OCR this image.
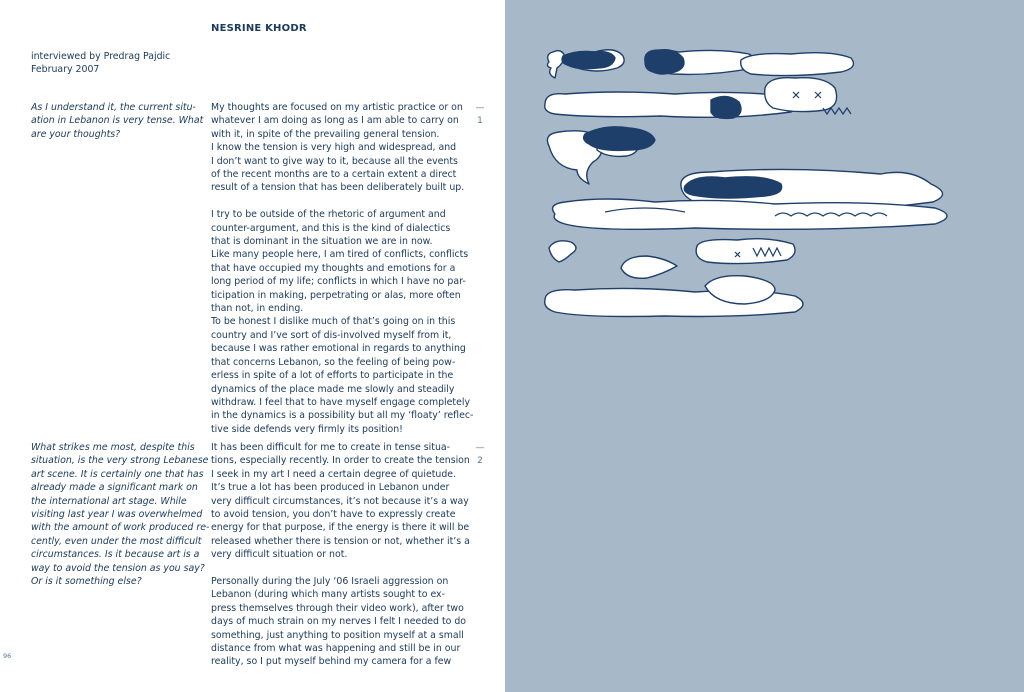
NESRINE KHODR
interviewed by Predrag Pajdic
February 2007
As I understand it, the current situ-
ation in Lebanon is very tense. What
are your thoughts?
My thoughts are focused on my artistic practice or on
whatever I am doing as long as I am able to carry on
with it, in spite of the prevailing general tension.
I know the tension is very high and widespread, and
I don’t want to give way to it, because all the events
of the recent months are to a certain extent a direct
result of a tension that has been deliberately built up.
I try to be outside of the rhetoric of argument and
counter-argument, and this is the kind of dialectics
that is dominant in the situation we are in now.
Like many people here, I am tired of conflicts, conflicts
that have occupied my thoughts and emotions for a
long period of my life; conflicts in which I have no par-
ticipation in making, perpetrating or alas, more often
than not, in ending.
To be honest I dislike much of that’s going on in this
country and I’ve sort of dis-involved myself from it,
because I was rather emotional in regards to anything
that concerns Lebanon, so the feeling of being pow-
erless in spite of a lot of efforts to participate in the
dynamics of the place made me slowly and steadily
withdraw. I feel that to have myself engage completely
in the dynamics is a possibility but all my ‘floaty’ reflec-
tive side defends very firmly its position!
—
1
What strikes me most, despite this
situation, is the very strong Lebanese
art scene. It is certainly one that has
already made a significant mark on
the international art stage. While
visiting last year I was overwhelmed
with the amount of work produced re-
cently, even under the most difficult
circumstances. Is it because art is a
way to avoid the tension as you say?
Or is it something else?
It has been difficult for me to create in tense situa-
tions, especially recently. In order to create the tension
I seek in my art I need a certain degree of quietude.
It’s true a lot has been produced in Lebanon under
very difficult circumstances, it’s not because it’s a way
to avoid tension, you don’t have to expressly create
energy for that purpose, if the energy is there it will be
released whether there is tension or not, whether it’s a
very difficult situation or not.
Personally during the July ‘06 Israeli aggression on
Lebanon (during which many artists sought to ex-
press themselves through their video work), after two
days of much strain on my nerves I felt I needed to do
something, just anything to position myself at a small
distance from what was happening and still be in our
reality, so I put myself behind my camera for a few
—
2
96
